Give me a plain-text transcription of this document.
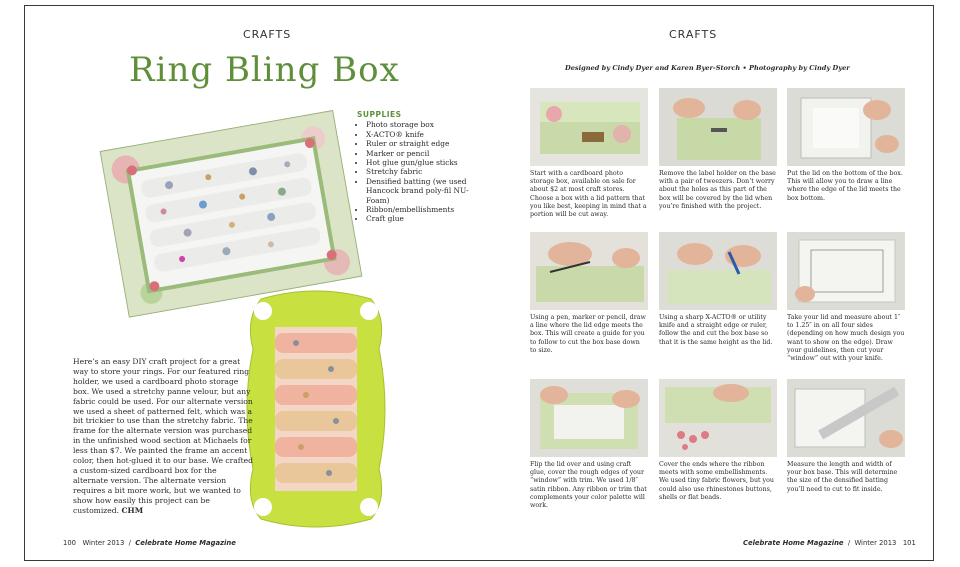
CRAFTS
Ring Bling Box
SUPPLIES
• Photo storage box
• X-ACTO® knife
• Ruler or straight edge
• Marker or pencil
• Hot glue gun/glue sticks
• Stretchy fabric
• Densified batting (we used Hancock brand poly-fil NU-Foam)
• Ribbon/embellishments
• Craft glue
Here’s an easy DIY craft project for a great way to store your rings. For our featured ring holder, we used a cardboard photo storage box. We used a stretchy panne velour, but any fabric could be used. For our alternate version we used a sheet of patterned felt, which was a bit trickier to use than the stretchy fabric. The frame for the alternate version was purchased in the unfinished wood section at Michaels for less than $7. We painted the frame an accent color, then hot-glued it to our base. We crafted a custom-sized cardboard box for the alternate version. The alternate version requires a bit more work, but we wanted to show how easily this project can be customized. CHM
100 Winter 2013 / Celebrate Home Magazine
CRAFTS
Designed by Cindy Dyer and Karen Byer-Storch • Photography by Cindy Dyer
Start with a cardboard photo storage box, available on sale for about $2 at most craft stores. Choose a box with a lid pattern that you like best, keeping in mind that a portion will be cut away.
Remove the label holder on the base with a pair of tweezers. Don’t worry about the holes as this part of the box will be covered by the lid when you’re finished with the project.
Put the lid on the bottom of the box. This will allow you to draw a line where the edge of the lid meets the box bottom.
Using a pen, marker or pencil, draw a line where the lid edge meets the box. This will create a guide for you to follow to cut the box base down to size.
Using a sharp X-ACTO® or utility knife and a straight edge or ruler, follow the and cut the box base so that it is the same height as the lid.
Take your lid and measure about 1″ to 1.25″ in on all four sides (depending on how much design you want to show on the edge). Draw your guidelines, then cut your “window” out with your knife.
Flip the lid over and using craft glue, cover the rough edges of your “window” with trim. We used 1/8″ satin ribbon. Any ribbon or trim that complements your color palette will work.
Cover the ends where the ribbon meets with some embellishments. We used tiny fabric flowers, but you could also use rhinestones buttons, shells or flat beads.
Measure the length and width of your box base. This will determine the size of the densified batting you’ll need to cut to fit inside.
Celebrate Home Magazine / Winter 2013 101
